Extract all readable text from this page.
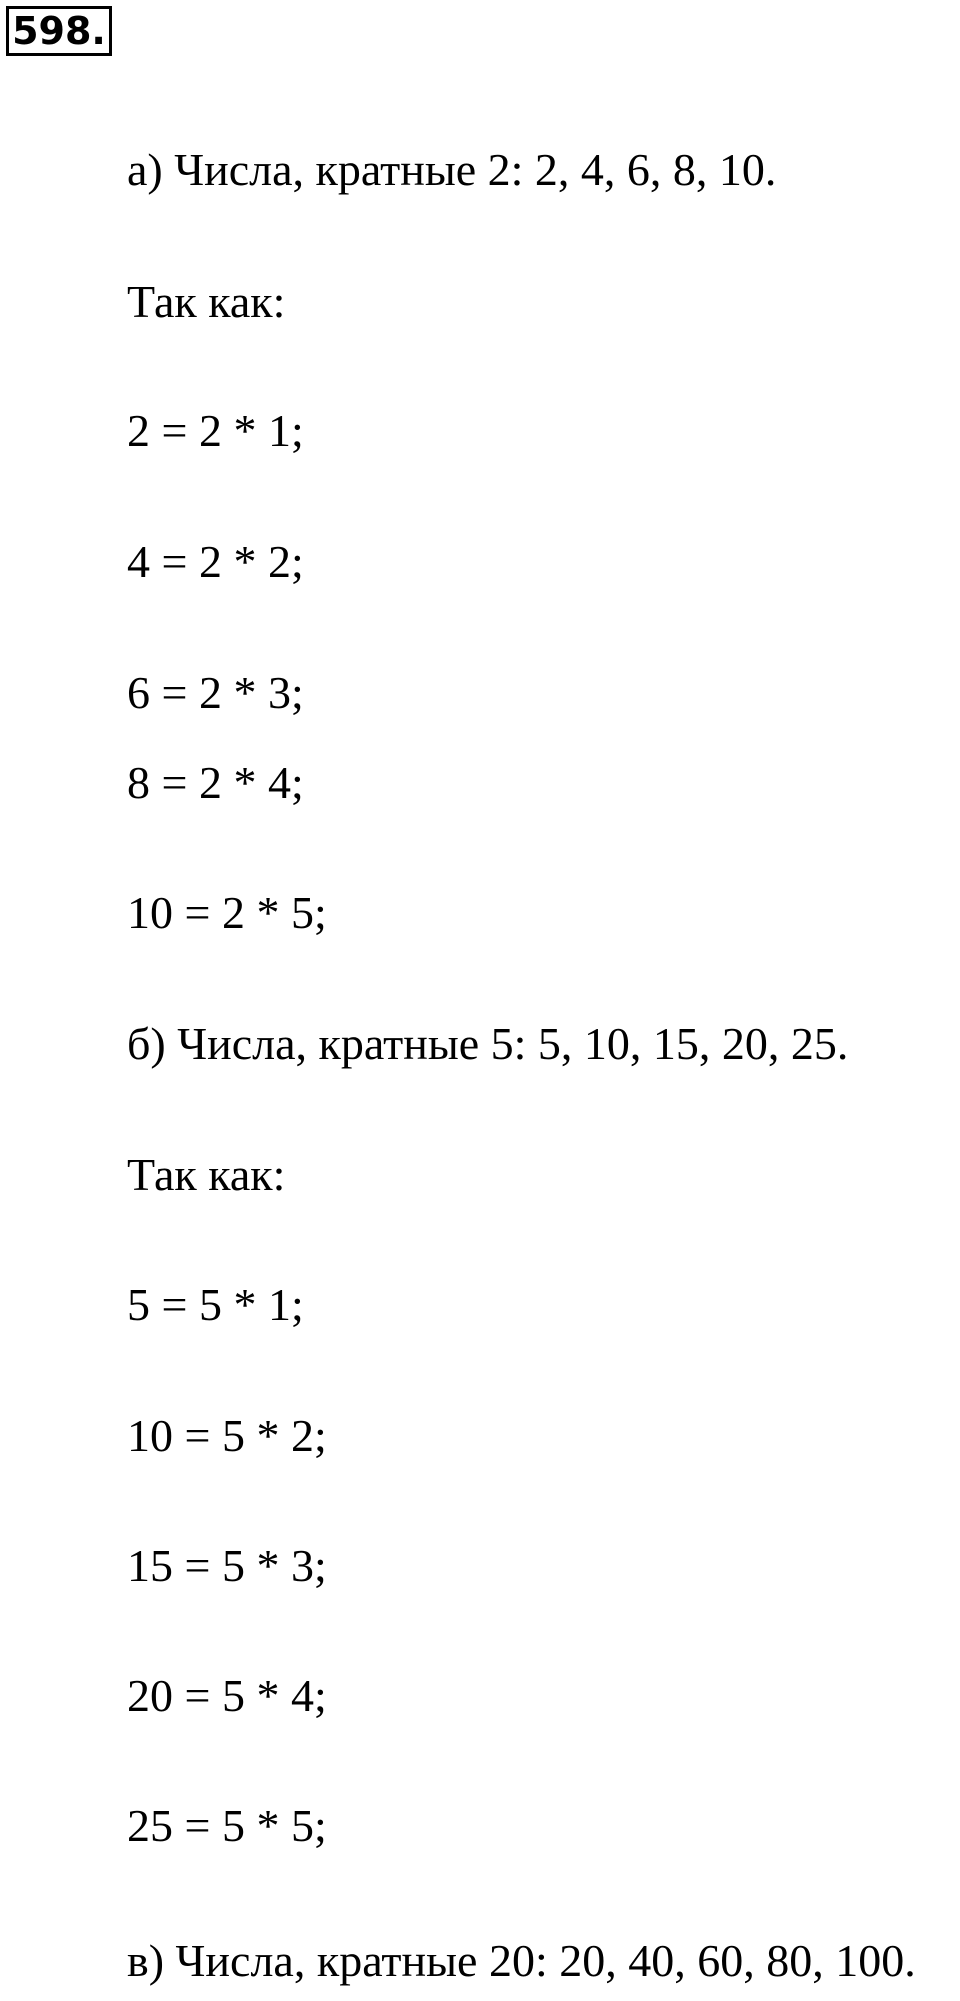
598.
а) Числа, кратные 2: 2, 4, 6, 8, 10.
Так как:
2 = 2 * 1;
4 = 2 * 2;
6 = 2 * 3;
8 = 2 * 4;
10 = 2 * 5;
б) Числа, кратные 5: 5, 10, 15, 20, 25.
Так как:
5 = 5 * 1;
10 = 5 * 2;
15 = 5 * 3;
20 = 5 * 4;
25 = 5 * 5;
в) Числа, кратные 20: 20, 40, 60, 80, 100.
